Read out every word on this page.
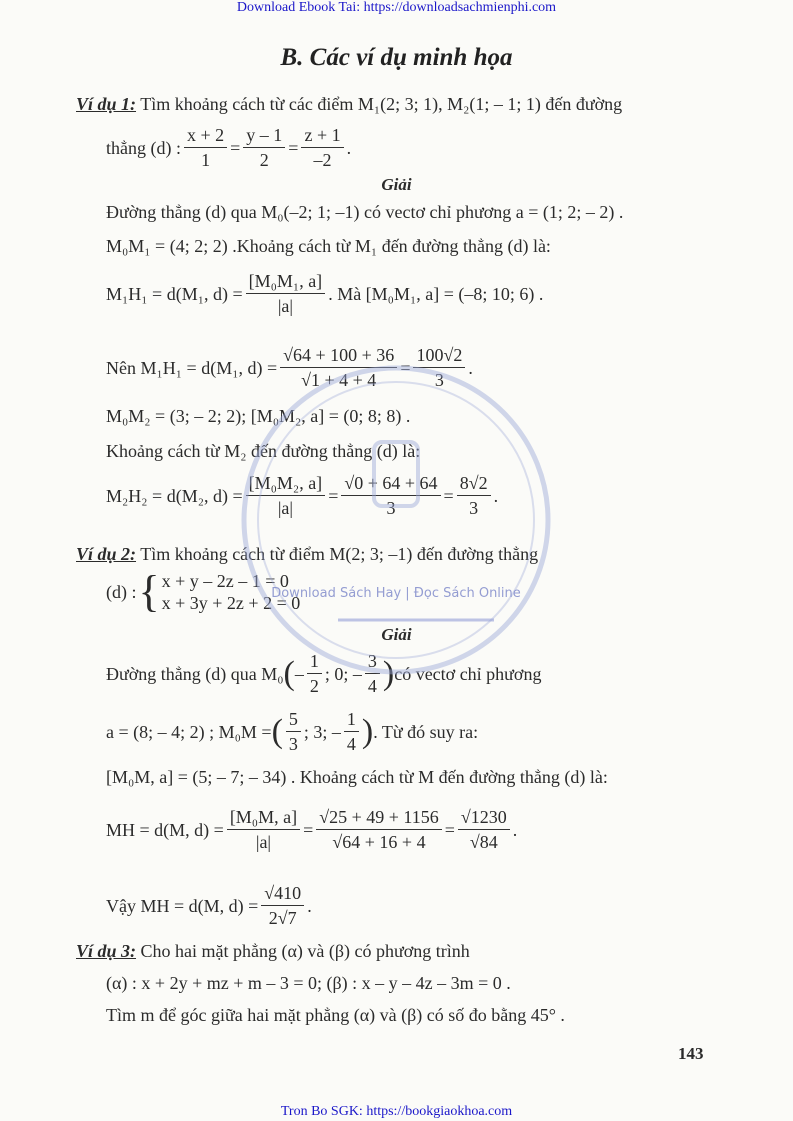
Download Ebook Tai: https://downloadsachmienphi.com
B. Các ví dụ minh họa
Ví dụ 1: Tìm khoảng cách từ các điểm M₁(2; 3; 1), M₂(1; – 1; 1) đến đường
thẳng (d) : $\frac{x + 2}{1} = \frac{y - 1}{2} = \frac{z + 1}{-2}$ .
Giải
Đường thẳng (d) qua M₀(–2; 1; –1) có vectơ chỉ phương a = (1; 2; – 2) .
M₀M₁ = (4; 2; 2) .Khoảng cách từ M₁ đến đường thẳng (d) là:
M₁H₁ = d(M₁, $d) = \frac{\text{[M₀M₁, a]}}{|a|}$ . Mà [M₀M₁, a] = (–8; 10; 6) .
Nên M₁H₁ = d(M₁, $d) = \frac{√64 + 100 + 36}{√1 + 4 + 4} = \frac{100√2}{3}$ .
M₀M₂ = (3; – 2; 2); [M₀M₂, a] = (0; 8; 8) .
Khoảng cách từ M₂ đến đường thẳng (d) là:
M₂H₂ = d(M₂, $d) = \frac{\text{[M₀M₂, a]}}{|a|} = \frac{√0 + 64 + 64}{3} = \frac{8√2}{3}$ .
Ví dụ 2: Tìm khoảng cách từ điểm M(2; 3; –1) đến đường thẳng
(d) : { x + y – 2z – 1 = 0
x + 3y + 2z + 2 = 0
Giải
Đường thẳng (d) qua M₀ ( – $\frac{1}{2}$ ; 0; – $\frac{3}{4}$ ) có vectơ chỉ phương
a = (8; – 4; 2) ; M₀M = ( $\frac{5}{3}$ ; 3; – $\frac{1}{4}$ ) . Từ đó suy ra:
[M₀M, a] = (5; – 7; – 34) . Khoảng cách từ M đến đường thẳng (d) là:
MH = d(M, $d) = \frac{\text{[M₀M, a]}}{|a|} = \frac{√25 + 49 + 1156}{√64 + 16 + 4} = \frac{√1230}{√84}$ .
Vậy MH = d(M, $d) = \frac{√410}{2√7}$ .
Ví dụ 3: Cho hai mặt phẳng (α) và (β) có phương trình
(α) : x + 2y + mz + m – 3 = 0; (β) : x – y – 4z – 3m = 0 .
Tìm m để góc giữa hai mặt phẳng (α) và (β) có số đo bằng 45° .
Download Sách Hay | Đọc Sách Online
143
Tron Bo SGK: https://bookgiaokhoa.com
